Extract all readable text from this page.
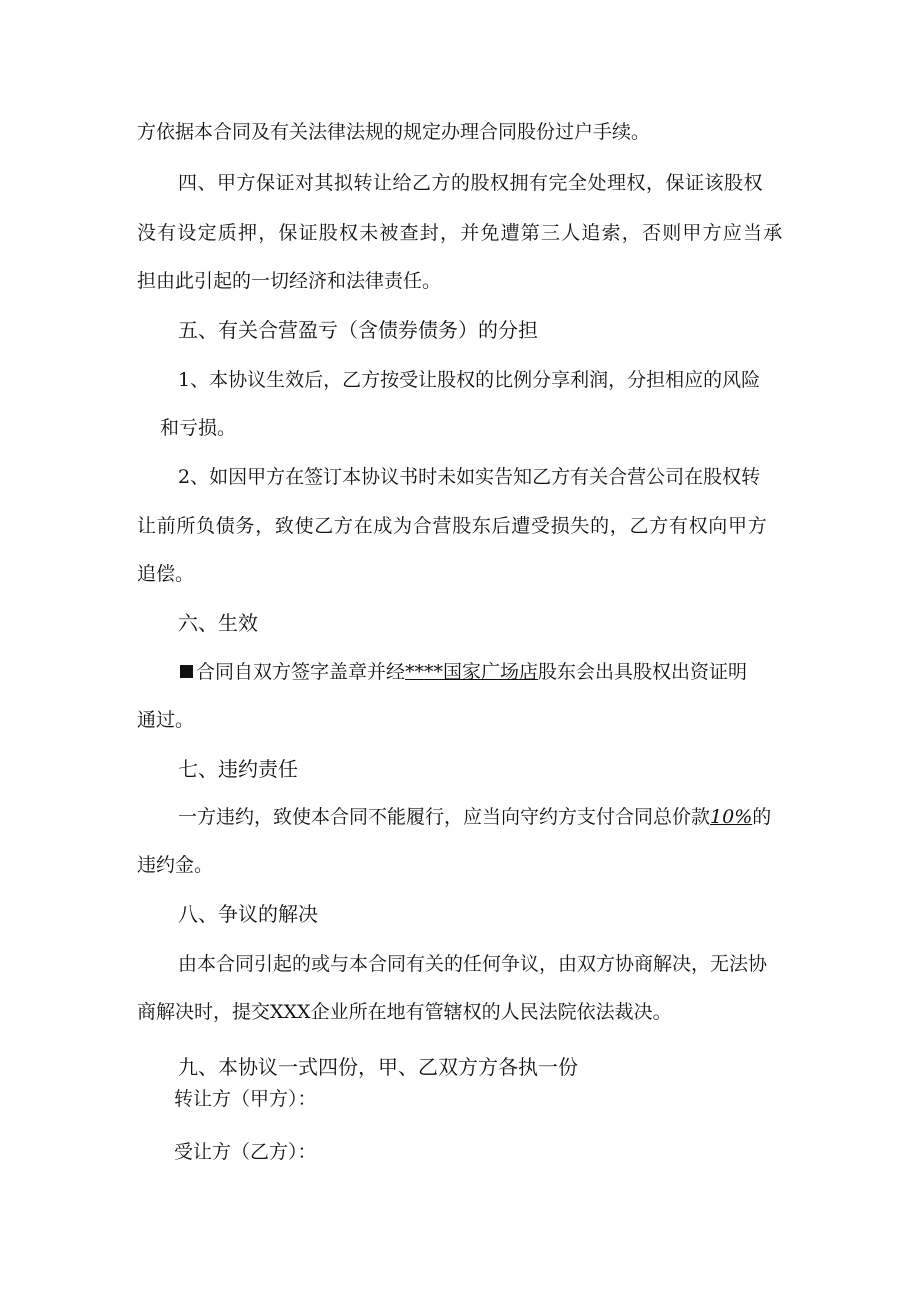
方依据本合同及有关法律法规的规定办理合同股份过户手续。
四、甲方保证对其拟转让给乙方的股权拥有完全处理权，保证该股权
没有设定质押，保证股权未被查封，并免遭第三人追索，否则甲方应当承
担由此引起的一切经济和法律责任。
五、有关合营盈亏（含债券债务）的分担
1、本协议生效后，乙方按受让股权的比例分享利润，分担相应的风险
和亏损。
2、如因甲方在签订本协议书时未如实告知乙方有关合营公司在股权转
让前所负债务，致使乙方在成为合营股东后遭受损失的，乙方有权向甲方
追偿。
六、生效
合同自双方签字盖章并经****国家广场店股东会出具股权出资证明
通过。
七、违约责任
一方违约，致使本合同不能履行，应当向守约方支付合同总价款10%的
违约金。
八、争议的解决
由本合同引起的或与本合同有关的任何争议，由双方协商解决，无法协
商解决时，提交XXX企业所在地有管辖权的人民法院依法裁决。
九、本协议一式四份，甲、乙双方方各执一份
转让方（甲方）：
受让方（乙方）：
